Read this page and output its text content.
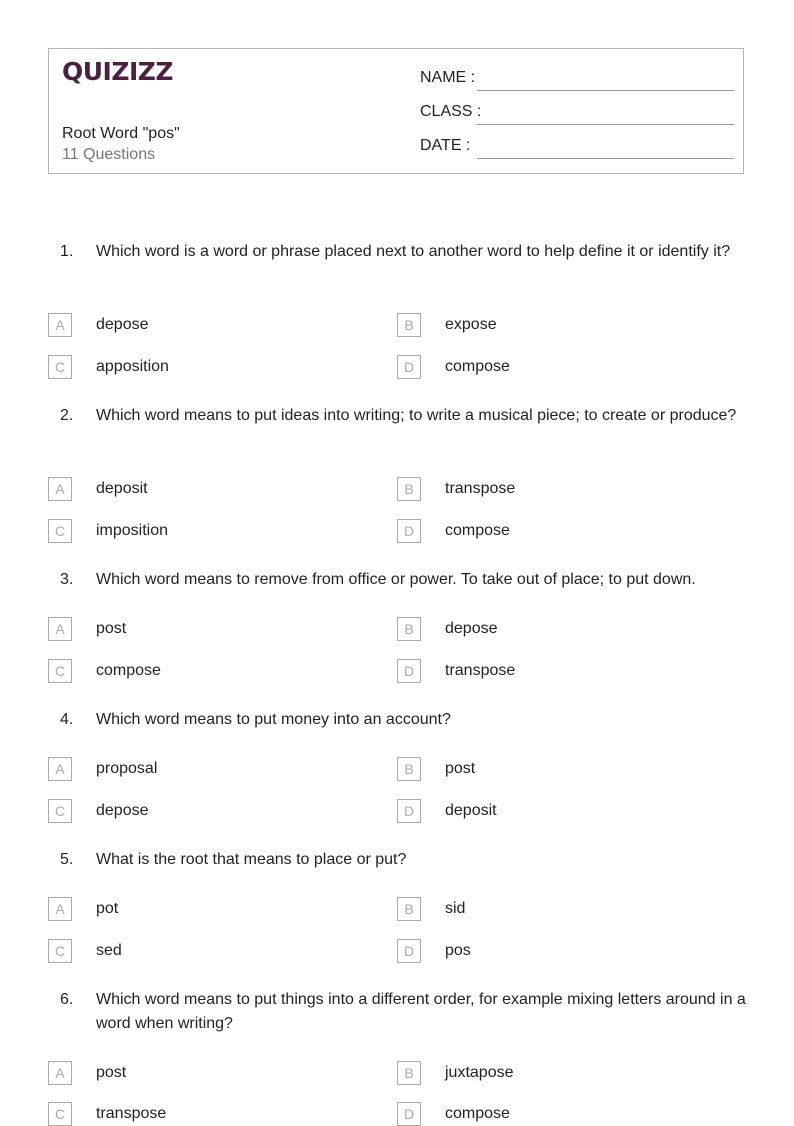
QUIZIZZ
Root Word "pos"
11 Questions
NAME :
CLASS :
DATE :
1. Which word is a word or phrase placed next to another word to help define it or identify it?
A	depose	B	expose
C	apposition	D	compose
2. Which word means to put ideas into writing; to write a musical piece; to create or produce?
A	deposit	B	transpose
C	imposition	D	compose
3. Which word means to remove from office or power. To take out of place; to put down.
A	post	B	depose
C	compose	D	transpose
4. Which word means to put money into an account?
A	proposal	B	post
C	depose	D	deposit
5. What is the root that means to place or put?
A	pot	B	sid
C	sed	D	pos
6. Which word means to put things into a different order, for example mixing letters around in a word when writing?
A	post	B	juxtapose
C	transpose	D	compose
